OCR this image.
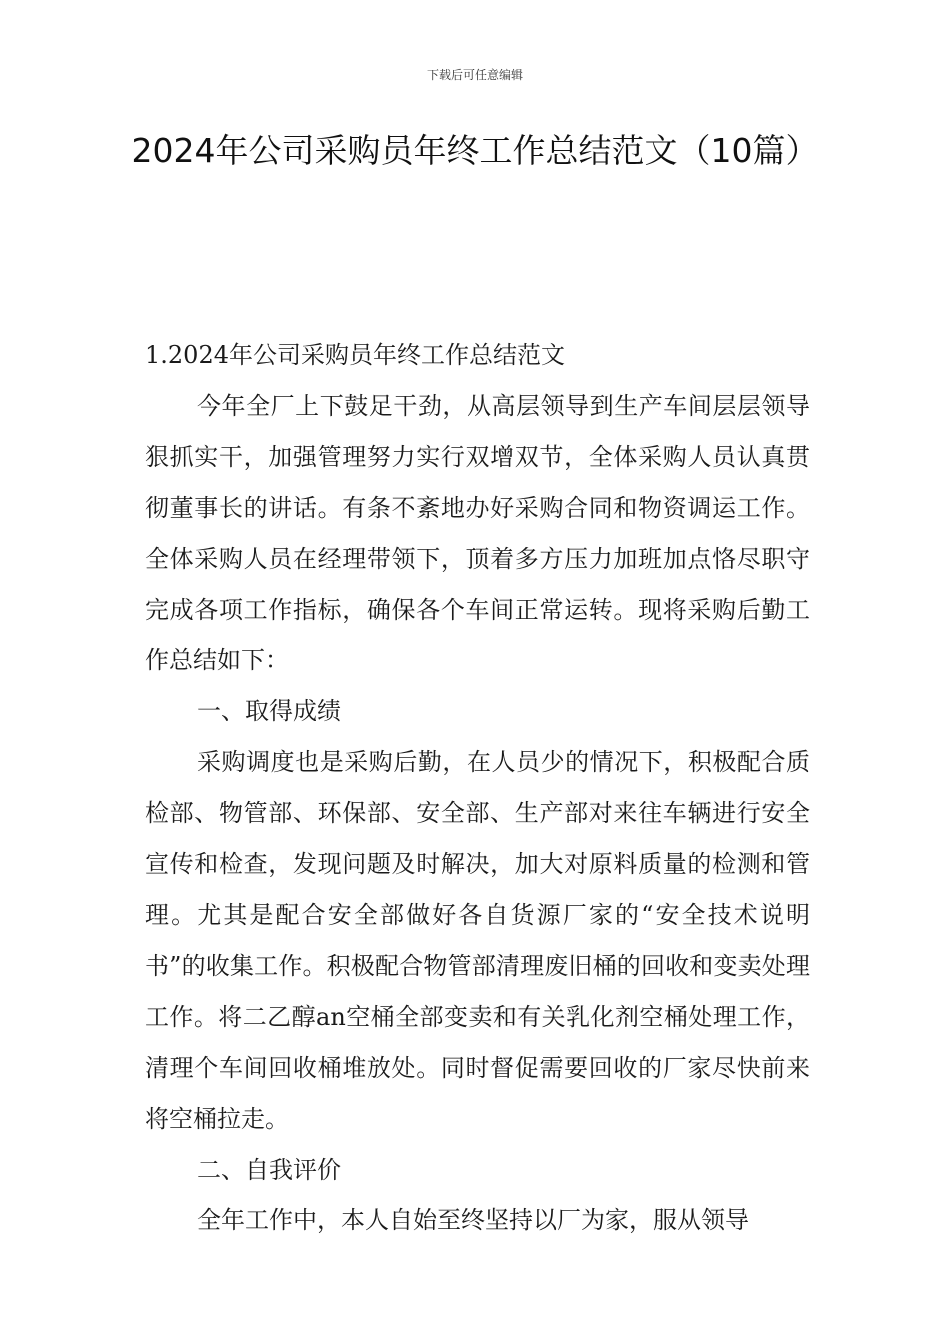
下载后可任意编辑
2024年公司采购员年终工作总结范文（10篇）

1.2024年公司采购员年终工作总结范文

今年全厂上下鼓足干劲，从高层领导到生产车间层层领导狠抓实干，加强管理努力实行双增双节，全体采购人员认真贯彻董事长的讲话。有条不紊地办好采购合同和物资调运工作。全体采购人员在经理带领下，顶着多方压力加班加点恪尽职守完成各项工作指标，确保各个车间正常运转。现将采购后勤工作总结如下：

一、取得成绩

采购调度也是采购后勤，在人员少的情况下，积极配合质检部、物管部、环保部、安全部、生产部对来往车辆进行安全宣传和检查，发现问题及时解决，加大对原料质量的检测和管理。尤其是配合安全部做好各自货源厂家的“安全技术说明书”的收集工作。积极配合物管部清理废旧桶的回收和变卖处理工作。将二乙醇an空桶全部变卖和有关乳化剂空桶处理工作，清理个车间回收桶堆放处。同时督促需要回收的厂家尽快前来将空桶拉走。

二、自我评价

全年工作中，本人自始至终坚持以厂为家，服从领导
